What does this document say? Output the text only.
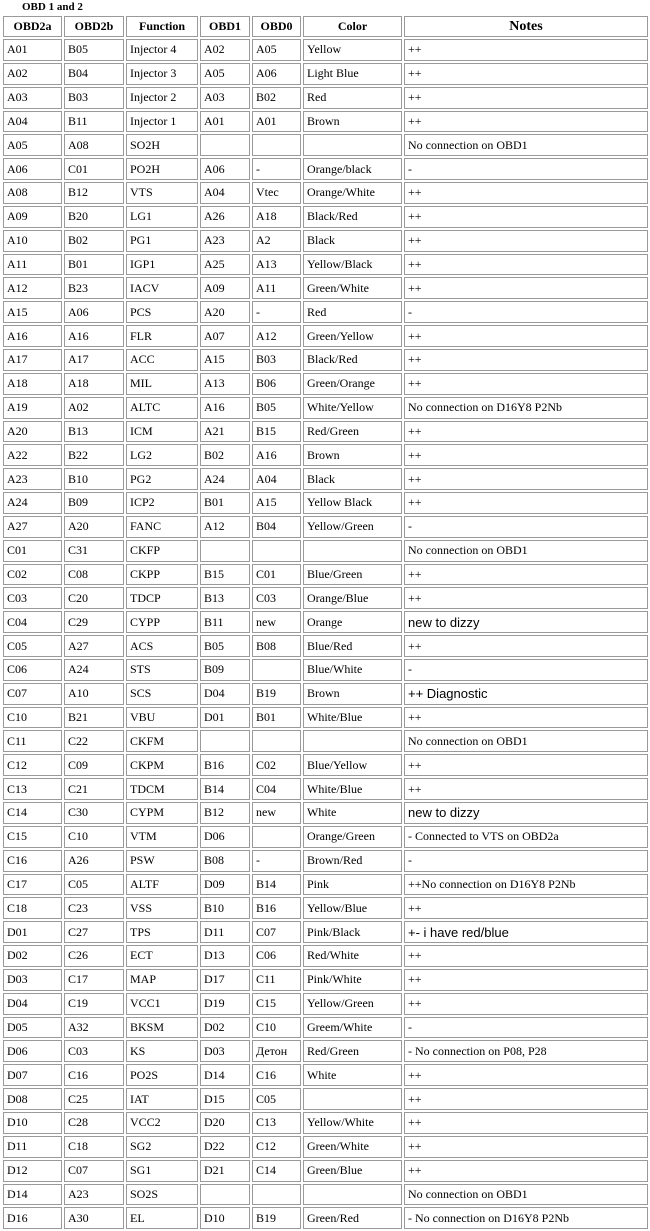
OBD 1 and 2
OBD2a	OBD2b	Function	OBD1	OBD0	Color	Notes
A01	B05	Injector 4	A02	A05	Yellow	++
A02	B04	Injector 3	A05	A06	Light Blue	++
A03	B03	Injector 2	A03	B02	Red	++
A04	B11	Injector 1	A01	A01	Brown	++
A05	A08	SO2H				No connection on OBD1
A06	C01	PO2H	A06	-	Orange/black	-
A08	B12	VTS	A04	Vtec	Orange/White	++
A09	B20	LG1	A26	A18	Black/Red	++
A10	B02	PG1	A23	A2	Black	++
A11	B01	IGP1	A25	A13	Yellow/Black	++
A12	B23	IACV	A09	A11	Green/White	++
A15	A06	PCS	A20	-	Red	-
A16	A16	FLR	A07	A12	Green/Yellow	++
A17	A17	ACC	A15	B03	Black/Red	++
A18	A18	MIL	A13	B06	Green/Orange	++
A19	A02	ALTC	A16	B05	White/Yellow	No connection on D16Y8 P2Nb
A20	B13	ICM	A21	B15	Red/Green	++
A22	B22	LG2	B02	A16	Brown	++
A23	B10	PG2	A24	A04	Black	++
A24	B09	ICP2	B01	A15	Yellow Black	++
A27	A20	FANC	A12	B04	Yellow/Green	-
C01	C31	CKFP				No connection on OBD1
C02	C08	CKPP	B15	C01	Blue/Green	++
C03	C20	TDCP	B13	C03	Orange/Blue	++
C04	C29	CYPP	B11	new	Orange	new to dizzy
C05	A27	ACS	B05	B08	Blue/Red	++
C06	A24	STS	B09		Blue/White	-
C07	A10	SCS	D04	B19	Brown	++ Diagnostic
C10	B21	VBU	D01	B01	White/Blue	++
C11	C22	CKFM				No connection on OBD1
C12	C09	CKPM	B16	C02	Blue/Yellow	++
C13	C21	TDCM	B14	C04	White/Blue	++
C14	C30	CYPM	B12	new	White	new to dizzy
C15	C10	VTM	D06		Orange/Green	- Connected to VTS on OBD2a
C16	A26	PSW	B08	-	Brown/Red	-
C17	C05	ALTF	D09	B14	Pink	++No connection on D16Y8 P2Nb
C18	C23	VSS	B10	B16	Yellow/Blue	++
D01	C27	TPS	D11	C07	Pink/Black	+- i have red/blue
D02	C26	ECT	D13	C06	Red/White	++
D03	C17	MAP	D17	C11	Pink/White	++
D04	C19	VCC1	D19	C15	Yellow/Green	++
D05	A32	BKSM	D02	C10	Greem/White	-
D06	C03	KS	D03	Детон	Red/Green	- No connection on P08, P28
D07	C16	PO2S	D14	C16	White	++
D08	C25	IAT	D15	C05		++
D10	C28	VCC2	D20	C13	Yellow/White	++
D11	C18	SG2	D22	C12	Green/White	++
D12	C07	SG1	D21	C14	Green/Blue	++
D14	A23	SO2S				No connection on OBD1
D16	A30	EL	D10	B19	Green/Red	- No connection on D16Y8 P2Nb
